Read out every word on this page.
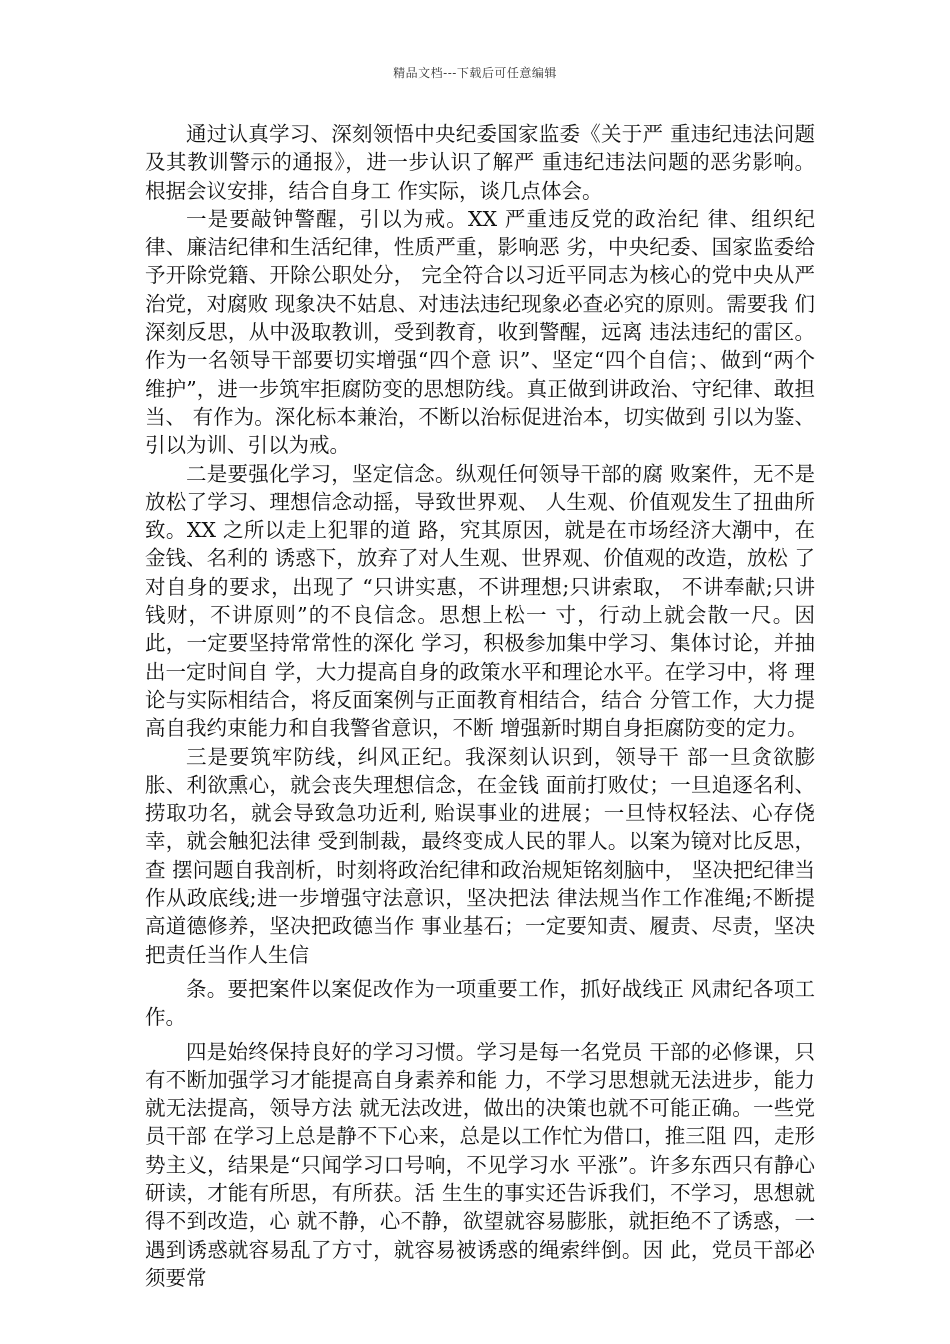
精品文档---下载后可任意编辑

通过认真学习、深刻领悟中央纪委国家监委《关于严 重违纪违法问题及其教训警示的通报》，进一步认识了解严 重违纪违法问题的恶劣影响。根据会议安排，结合自身工 作实际，谈几点体会。

一是要敲钟警醒，引以为戒。XX 严重违反党的政治纪 律、组织纪律、廉洁纪律和生活纪律，性质严重，影响恶 劣，中央纪委、国家监委给予开除党籍、开除公职处分， 完全符合以习近平同志为核心的党中央从严治党，对腐败 现象决不姑息、对违法违纪现象必查必究的原则。需要我 们深刻反思，从中汲取教训，受到教育，收到警醒，远离 违法违纪的雷区。作为一名领导干部要切实增强“四个意 识”、坚定“四个自信；、做到“两个维护”，进一步筑牢拒腐防变的思想防线。真正做到讲政治、守纪律、敢担当、 有作为。深化标本兼治，不断以治标促进治本，切实做到 引以为鉴、引以为训、引以为戒。

二是要强化学习，坚定信念。纵观任何领导干部的腐 败案件，无不是放松了学习、理想信念动摇，导致世界观、 人生观、价值观发生了扭曲所致。XX 之所以走上犯罪的道 路，究其原因，就是在市场经济大潮中，在金钱、名利的 诱惑下，放弃了对人生观、世界观、价值观的改造，放松 了对自身的要求，出现了 “只讲实惠，不讲理想;只讲索取， 不讲奉献;只讲钱财，不讲原则”的不良信念。思想上松一 寸，行动上就会散一尺。因此，一定要坚持常常性的深化 学习，积极参加集中学习、集体讨论，并抽出一定时间自 学，大力提高自身的政策水平和理论水平。在学习中，将 理论与实际相结合，将反面案例与正面教育相结合，结合 分管工作，大力提高自我约束能力和自我警省意识，不断 增强新时期自身拒腐防变的定力。

三是要筑牢防线，纠风正纪。我深刻认识到，领导干 部一旦贪欲膨胀、利欲熏心，就会丧失理想信念，在金钱 面前打败仗；一旦追逐名利、捞取功名，就会导致急功近利, 贻误事业的进展；一旦恃权轻法、心存侥幸，就会触犯法律 受到制裁，最终变成人民的罪人。以案为镜对比反思，查 摆问题自我剖析，时刻将政治纪律和政治规矩铭刻脑中， 坚决把纪律当作从政底线;进一步增强守法意识，坚决把法 律法规当作工作准绳;不断提高道德修养，坚决把政德当作 事业基石；一定要知责、履责、尽责，坚决把责任当作人生信

条。要把案件以案促改作为一项重要工作，抓好战线正 风肃纪各项工作。

四是始终保持良好的学习习惯。学习是每一名党员 干部的必修课，只有不断加强学习才能提高自身素养和能 力，不学习思想就无法进步，能力就无法提高，领导方法 就无法改进，做出的决策也就不可能正确。一些党员干部 在学习上总是静不下心来，总是以工作忙为借口，推三阻 四，走形势主义，结果是“只闻学习口号响，不见学习水 平涨”。许多东西只有静心研读，才能有所思，有所获。活 生生的事实还告诉我们，不学习，思想就得不到改造，心 就不静，心不静，欲望就容易膨胀，就拒绝不了诱惑，一 遇到诱惑就容易乱了方寸，就容易被诱惑的绳索绊倒。因 此，党员干部必须要常
